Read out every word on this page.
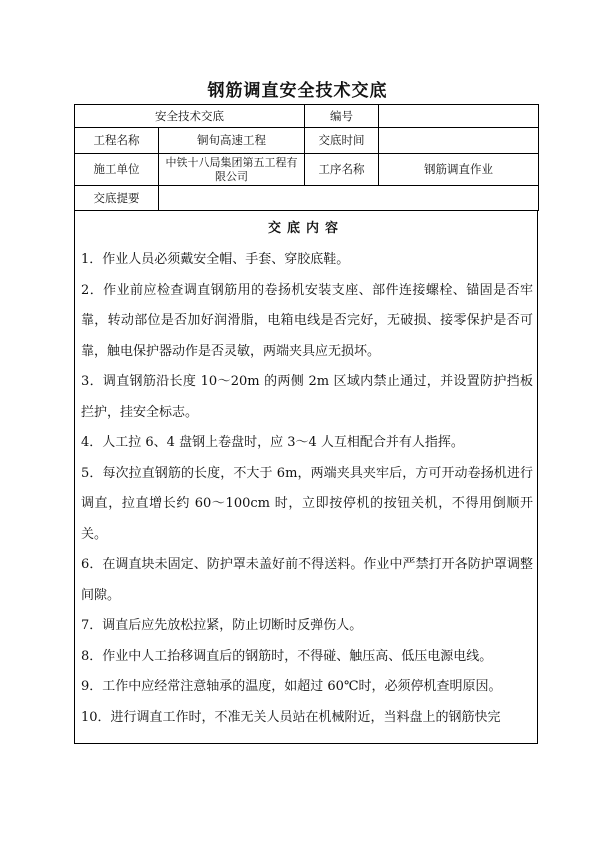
钢筋调直安全技术交底
安全技术交底		编号	
工程名称	铜旬高速工程	交底时间	
施工单位	中铁十八局集团第五工程有限公司	工序名称	钢筋调直作业
交底提要			
交底内容
1．作业人员必须戴安全帽、手套、穿胶底鞋。
2．作业前应检查调直钢筋用的卷扬机安装支座、部件连接螺栓、锚固是否牢靠，转动部位是否加好润滑脂，电箱电线是否完好，无破损、接零保护是否可靠，触电保护器动作是否灵敏，两端夹具应无损坏。
3．调直钢筋沿长度 10～20m 的两侧 2m 区域内禁止通过，并设置防护挡板拦护，挂安全标志。
4．人工拉 6、4 盘钢上卷盘时，应 3～4 人互相配合并有人指挥。
5．每次拉直钢筋的长度，不大于 6m，两端夹具夹牢后，方可开动卷扬机进行调直，拉直增长约 60～100cm 时，立即按停机的按钮关机，不得用倒顺开关。
6．在调直块未固定、防护罩未盖好前不得送料。作业中严禁打开各防护罩调整间隙。
7．调直后应先放松拉紧，防止切断时反弹伤人。
8．作业中人工抬移调直后的钢筋时，不得碰、触压高、低压电源电线。
9．工作中应经常注意轴承的温度，如超过 60℃时，必须停机查明原因。
10．进行调直工作时，不准无关人员站在机械附近，当料盘上的钢筋快完
